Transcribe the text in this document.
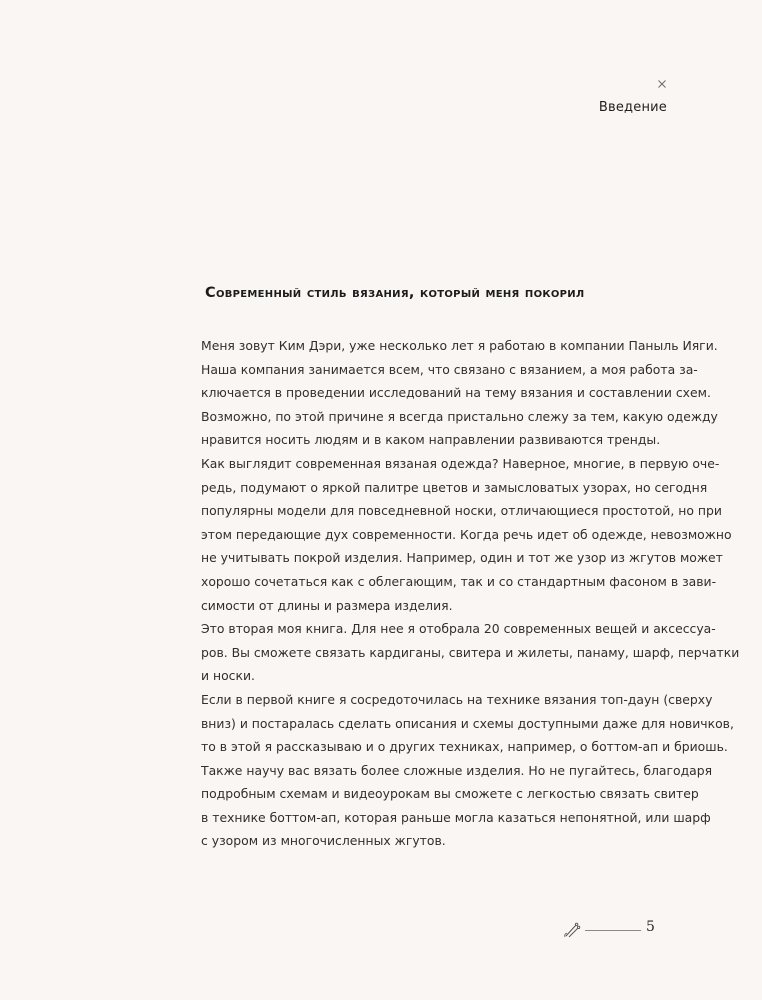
Введение
Современный стиль вязания, который меня покорил
Меня зовут Ким Дэри, уже несколько лет я работаю в компании Паныль Ияги.
Наша компания занимается всем, что связано с вязанием, а моя работа за-
ключается в проведении исследований на тему вязания и составлении схем.
Возможно, по этой причине я всегда пристально слежу за тем, какую одежду
нравится носить людям и в каком направлении развиваются тренды.
Как выглядит современная вязаная одежда? Наверное, многие, в первую оче-
редь, подумают о яркой палитре цветов и замысловатых узорах, но сегодня
популярны модели для повседневной носки, отличающиеся простотой, но при
этом передающие дух современности. Когда речь идет об одежде, невозможно
не учитывать покрой изделия. Например, один и тот же узор из жгутов может
хорошо сочетаться как с облегающим, так и со стандартным фасоном в зави-
симости от длины и размера изделия.
Это вторая моя книга. Для нее я отобрала 20 современных вещей и аксессуа-
ров. Вы сможете связать кардиганы, свитера и жилеты, панаму, шарф, перчатки
и носки.
Если в первой книге я сосредоточилась на технике вязания топ-даун (сверху
вниз) и постаралась сделать описания и схемы доступными даже для новичков,
то в этой я рассказываю и о других техниках, например, о боттом-ап и бриошь.
Также научу вас вязать более сложные изделия. Но не пугайтесь, благодаря
подробным схемам и видеоурокам вы сможете с легкостью связать свитер
в технике боттом-ап, которая раньше могла казаться непонятной, или шарф
с узором из многочисленных жгутов.
5
